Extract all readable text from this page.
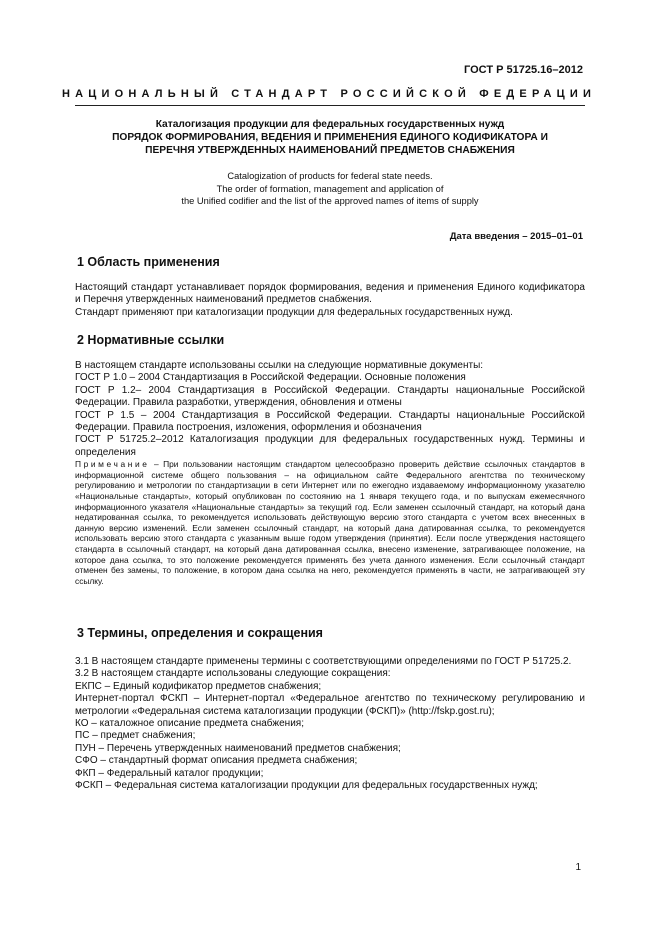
ГОСТ Р 51725.16–2012
НАЦИОНАЛЬНЫЙ СТАНДАРТ РОССИЙСКОЙ ФЕДЕРАЦИИ
Каталогизация продукции для федеральных государственных нужд
ПОРЯДОК ФОРМИРОВАНИЯ, ВЕДЕНИЯ И ПРИМЕНЕНИЯ ЕДИНОГО КОДИФИКАТОРА И
ПЕРЕЧНЯ УТВЕРЖДЕННЫХ НАИМЕНОВАНИЙ ПРЕДМЕТОВ СНАБЖЕНИЯ
Catalogization of products for federal state needs.
The order of formation, management and application of
the Unified codifier and the list of the approved names of items of supply
Дата введения – 2015–01–01
1 Область применения

Настоящий стандарт устанавливает порядок формирования, ведения и применения Единого кодификатора и Перечня утвержденных наименований предметов снабжения.

Стандарт применяют при каталогизации продукции для федеральных государственных нужд.

2 Нормативные ссылки

В настоящем стандарте использованы ссылки на следующие нормативные документы:

ГОСТ Р 1.0 – 2004 Стандартизация в Российской Федерации. Основные положения

ГОСТ Р 1.2– 2004 Стандартизация в Российской Федерации. Стандарты национальные Российской Федерации. Правила разработки, утверждения, обновления и отмены

ГОСТ Р 1.5 – 2004 Стандартизация в Российской Федерации. Стандарты национальные Российской Федерации. Правила построения, изложения, оформления и обозначения

ГОСТ Р 51725.2–2012 Каталогизация продукции для федеральных государственных нужд. Термины и определения

Примечание – При пользовании настоящим стандартом целесообразно проверить действие ссылочных стандартов в информационной системе общего пользования – на официальном сайте Федерального агентства по техническому регулированию и метрологии по стандартизации в сети Интернет или по ежегодно издаваемому информационному указателю «Национальные стандарты», который опубликован по состоянию на 1 января текущего года, и по выпускам ежемесячного информационного указателя «Национальные стандарты» за текущий год. Если заменен ссылочный стандарт, на который дана недатированная ссылка, то рекомендуется использовать действующую версию этого стандарта с учетом всех внесенных в данную версию изменений. Если заменен ссылочный стандарт, на который дана датированная ссылка, то рекомендуется использовать версию этого стандарта с указанным выше годом утверждения (принятия). Если после утверждения настоящего стандарта в ссылочный стандарт, на который дана датированная ссылка, внесено изменение, затрагивающее положение, на которое дана ссылка, то это положение рекомендуется применять без учета данного изменения. Если ссылочный стандарт отменен без замены, то положение, в котором дана ссылка на него, рекомендуется применять в части, не затрагивающей эту ссылку.

3 Термины, определения и сокращения

3.1 В настоящем стандарте применены термины с соответствующими определениями по ГОСТ Р 51725.2.

3.2 В настоящем стандарте использованы следующие сокращения:

ЕКПС – Единый кодификатор предметов снабжения;

Интернет-портал ФСКП – Интернет-портал «Федеральное агентство по техническому регулированию и метрологии «Федеральная система каталогизации продукции (ФСКП)» (http://fskp.gost.ru);

КО – каталожное описание предмета снабжения;

ПС – предмет снабжения;

ПУН – Перечень утвержденных наименований предметов снабжения;

СФО – стандартный формат описания предмета снабжения;

ФКП – Федеральный каталог продукции;

ФСКП – Федеральная система каталогизации продукции для федеральных государственных нужд;

1
